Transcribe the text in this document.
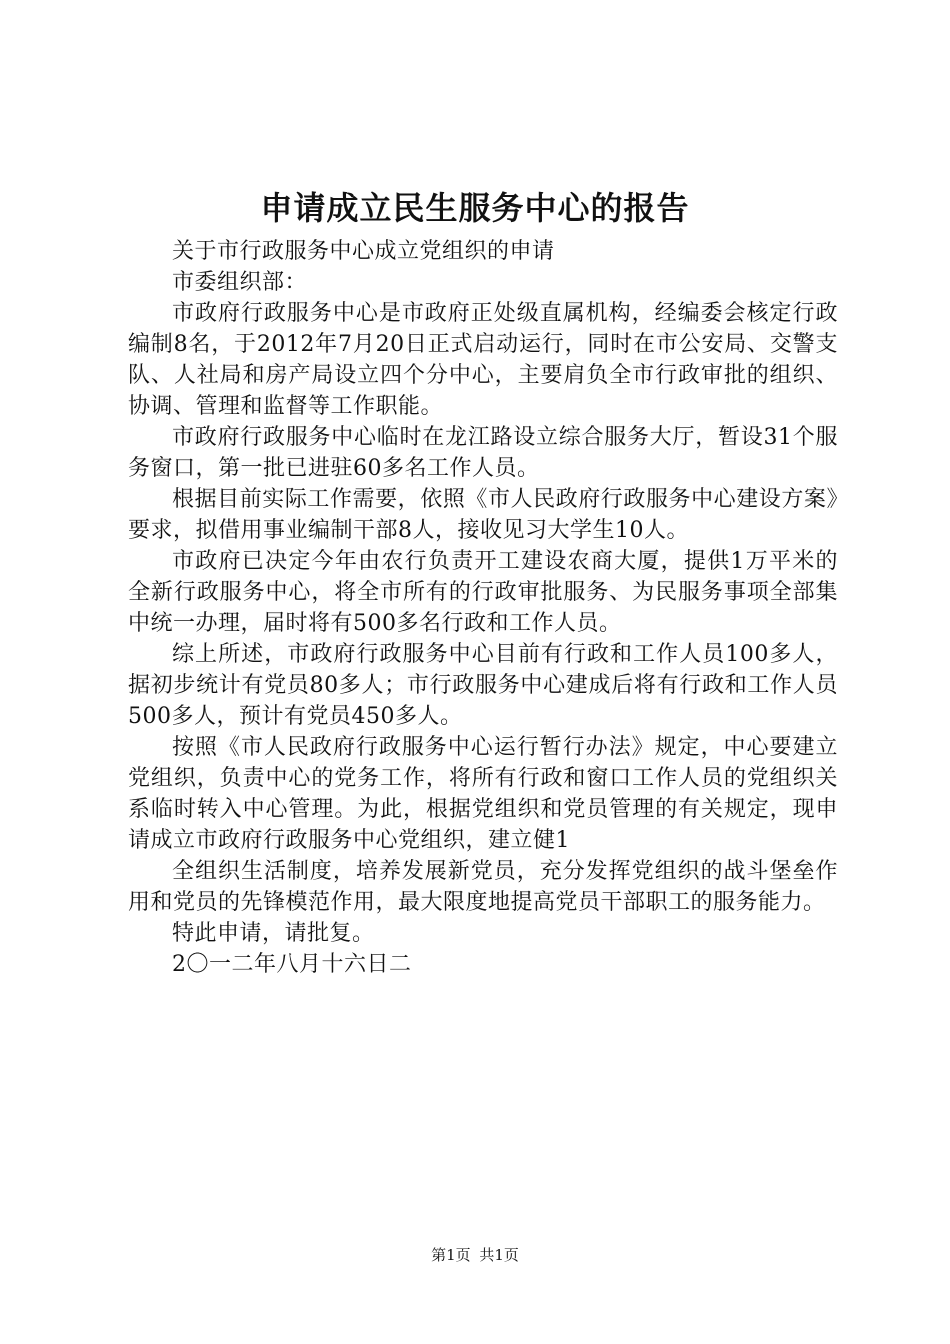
申请成立民生服务中心的报告

关于市行政服务中心成立党组织的申请

市委组织部：

市政府行政服务中心是市政府正处级直属机构，经编委会核定行政编制8名，于2012年7月20日正式启动运行，同时在市公安局、交警支队、人社局和房产局设立四个分中心，主要肩负全市行政审批的组织、协调、管理和监督等工作职能。

市政府行政服务中心临时在龙江路设立综合服务大厅，暂设31个服务窗口，第一批已进驻60多名工作人员。

根据目前实际工作需要，依照《市人民政府行政服务中心建设方案》要求，拟借用事业编制干部8人，接收见习大学生10人。

市政府已决定今年由农行负责开工建设农商大厦，提供1万平米的全新行政服务中心，将全市所有的行政审批服务、为民服务事项全部集中统一办理，届时将有500多名行政和工作人员。

综上所述，市政府行政服务中心目前有行政和工作人员100多人，据初步统计有党员80多人；市行政服务中心建成后将有行政和工作人员500多人，预计有党员450多人。

按照《市人民政府行政服务中心运行暂行办法》规定，中心要建立党组织，负责中心的党务工作，将所有行政和窗口工作人员的党组织关系临时转入中心管理。为此，根据党组织和党员管理的有关规定，现申请成立市政府行政服务中心党组织，建立健1

全组织生活制度，培养发展新党员，充分发挥党组织的战斗堡垒作用和党员的先锋模范作用，最大限度地提高党员干部职工的服务能力。

特此申请，请批复。

2〇一二年八月十六日二

第1页 共1页
